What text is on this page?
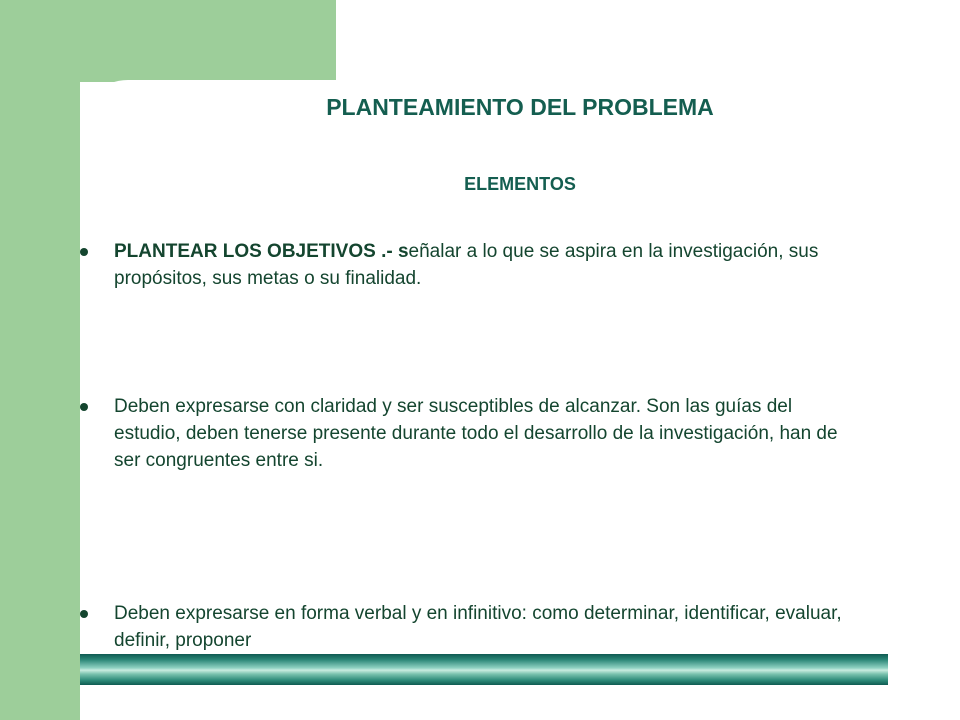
PLANTEAMIENTO DEL PROBLEMA
ELEMENTOS
PLANTEAR LOS OBJETIVOS .- señalar a lo que se aspira en la investigación, sus propósitos, sus metas o su finalidad.
Deben expresarse con claridad y ser susceptibles de alcanzar. Son las guías del estudio, deben tenerse presente durante todo el desarrollo de la investigación, han de ser congruentes entre si.
Deben expresarse en forma verbal y en infinitivo: como determinar, identificar, evaluar, definir, proponer
